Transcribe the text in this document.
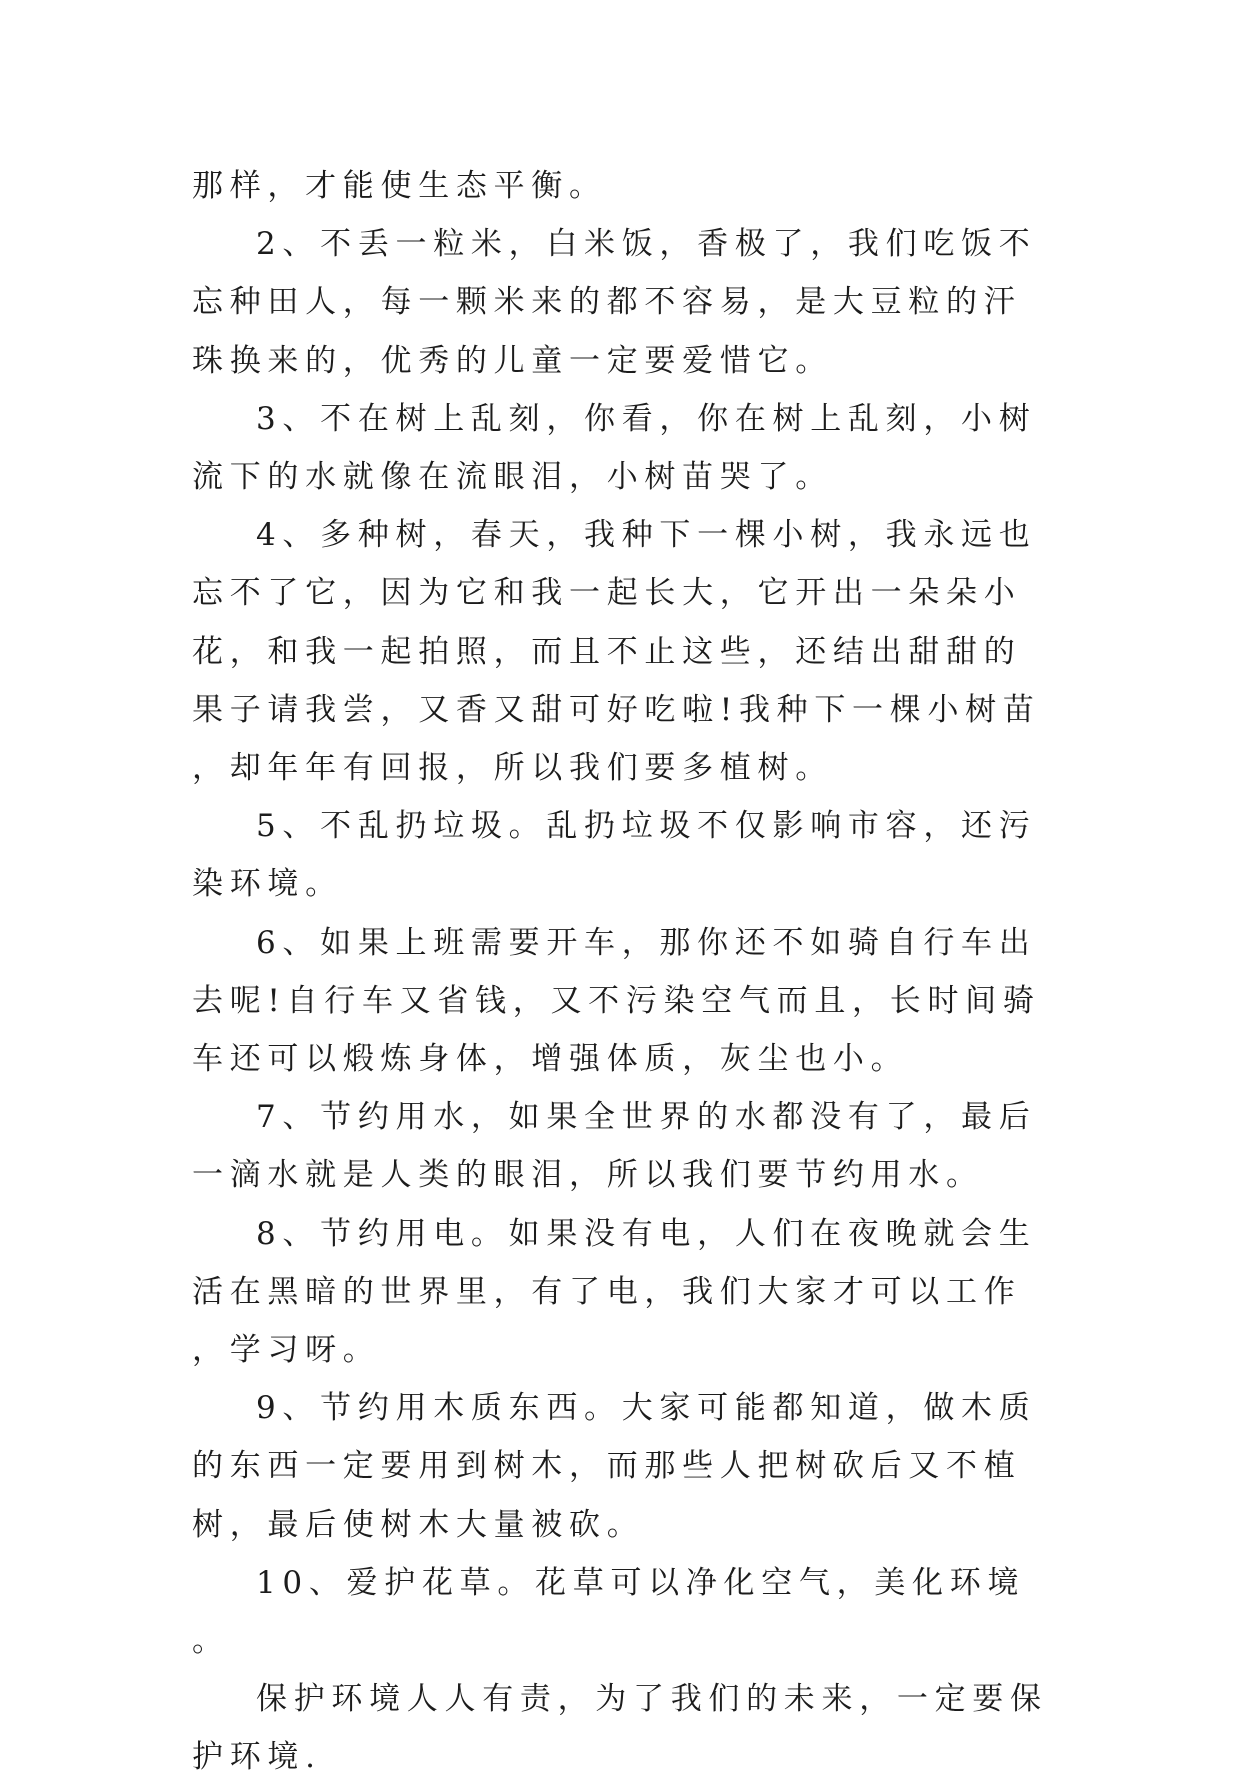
那样，才能使生态平衡。

2、不丢一粒米，白米饭，香极了，我们吃饭不忘种田人，每一颗米来的都不容易，是大豆粒的汗珠换来的，优秀的儿童一定要爱惜它。

3、不在树上乱刻，你看，你在树上乱刻，小树流下的水就像在流眼泪，小树苗哭了。

4、多种树，春天，我种下一棵小树，我永远也忘不了它，因为它和我一起长大，它开出一朵朵小花，和我一起拍照，而且不止这些，还结出甜甜的果子请我尝，又香又甜可好吃啦!我种下一棵小树苗，却年年有回报，所以我们要多植树。

5、不乱扔垃圾。乱扔垃圾不仅影响市容，还污染环境。

6、如果上班需要开车，那你还不如骑自行车出去呢!自行车又省钱，又不污染空气而且，长时间骑车还可以煅炼身体，增强体质，灰尘也小。

7、节约用水，如果全世界的水都没有了，最后一滴水就是人类的眼泪，所以我们要节约用水。

8、节约用电。如果没有电，人们在夜晚就会生活在黑暗的世界里，有了电，我们大家才可以工作，学习呀。

9、节约用木质东西。大家可能都知道，做木质的东西一定要用到树木，而那些人把树砍后又不植树，最后使树木大量被砍。

10、爱护花草。花草可以净化空气，美化环境。

保护环境人人有责，为了我们的未来，一定要保护环境.
